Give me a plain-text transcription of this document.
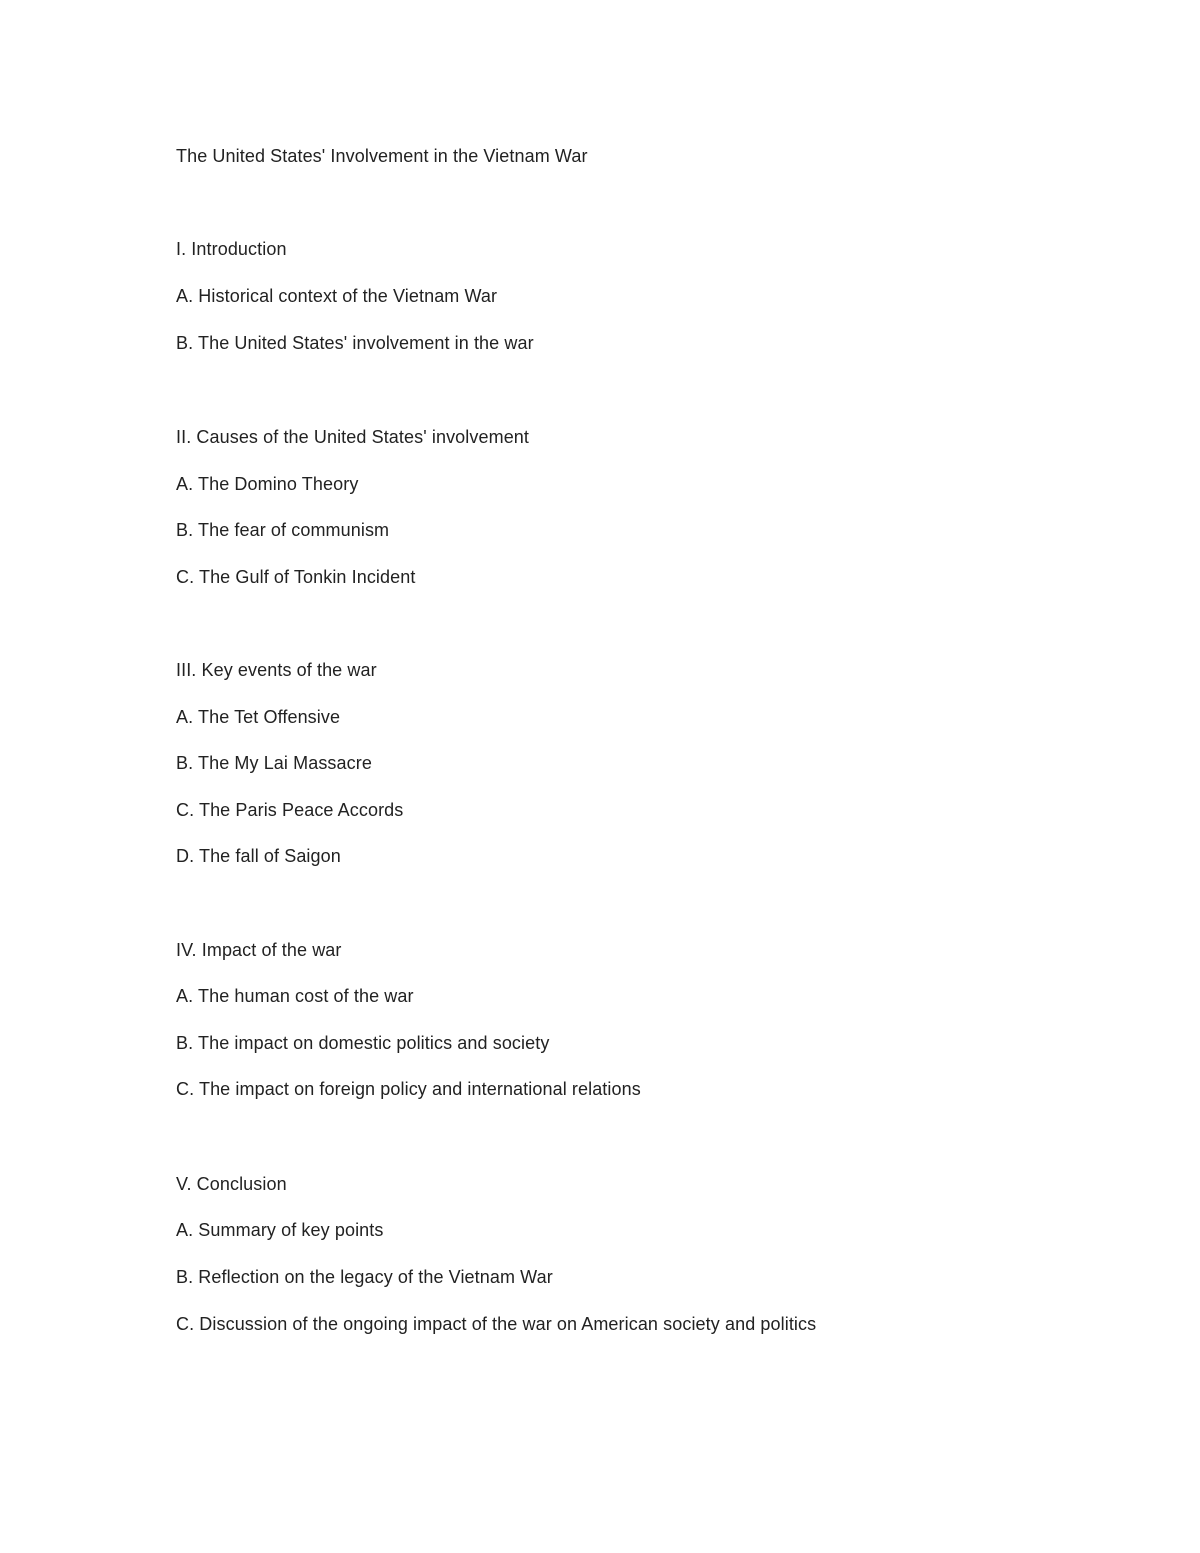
The United States' Involvement in the Vietnam War
I. Introduction
A. Historical context of the Vietnam War
B. The United States' involvement in the war
II. Causes of the United States' involvement
A. The Domino Theory
B. The fear of communism
C. The Gulf of Tonkin Incident
III. Key events of the war
A. The Tet Offensive
B. The My Lai Massacre
C. The Paris Peace Accords
D. The fall of Saigon
IV. Impact of the war
A. The human cost of the war
B. The impact on domestic politics and society
C. The impact on foreign policy and international relations
V. Conclusion
A. Summary of key points
B. Reflection on the legacy of the Vietnam War
C. Discussion of the ongoing impact of the war on American society and politics
